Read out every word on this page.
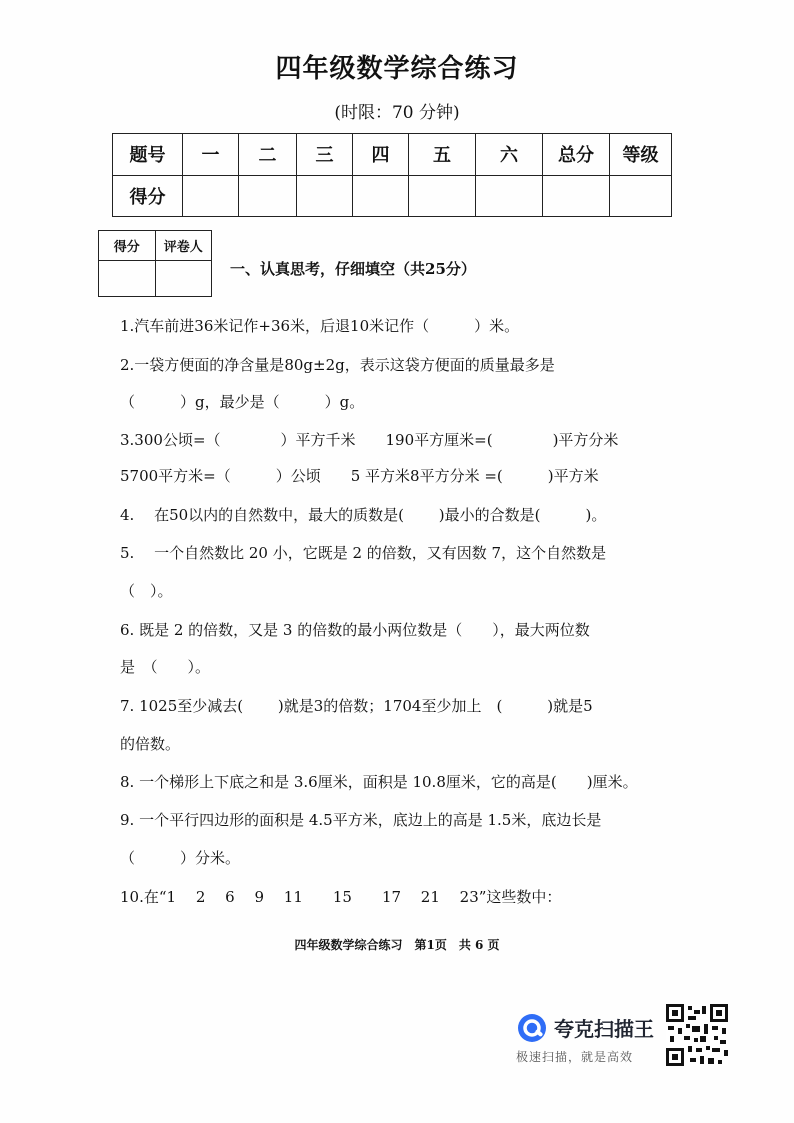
四年级数学综合练习
(时限：70 分钟)
题号	一	二	三	四	五	六	总分	等级
得分								
得分	评卷人

一、认真思考，仔细填空（共25分）
1.汽车前进36米记作+36米，后退10米记作（　　　）米。
2.一袋方便面的净含量是80g±2g，表示这袋方便面的质量最多是
（　　　）g，最少是（　　　）g。
3.300公顷=（　　　　）平方千米　　190平方厘米=(　　　　)平方分米
5700平方米=（　　　）公顷　　5 平方米8平方分米 =(　　　)平方米
4.　 在50以内的自然数中，最大的质数是(　　 )最小的合数是(　　　)。
5.　 一个自然数比 20 小，它既是 2 的倍数，又有因数 7，这个自然数是
（　）。
6. 既是 2 的倍数，又是 3 的倍数的最小两位数是（　　），最大两位数
是　（　　）。
7. 1025至少减去(　　 )就是3的倍数；1704至少加上　(　　　)就是5
的倍数。
8. 一个梯形上下底之和是 3.6厘米，面积是 10.8厘米，它的高是(　　)厘米。
9. 一个平行四边形的面积是 4.5平方米，底边上的高是 1.5米，底边长是
（　　　）分米。
10.在“1　 2　 6　 9　 11　　15　　17　 21　 23”这些数中：
四年级数学综合练习　第1页　共 6 页
夸克扫描王
极速扫描，就是高效
